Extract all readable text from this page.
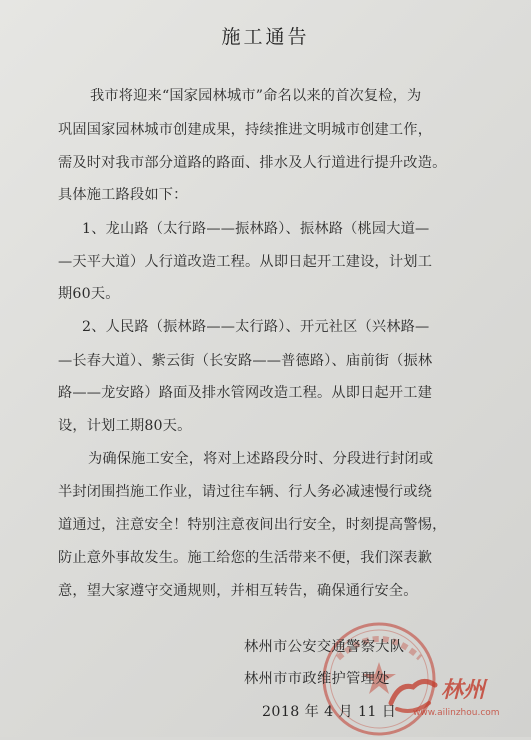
施工通告
我市将迎来“国家园林城市”命名以来的首次复检，为
巩固国家园林城市创建成果，持续推进文明城市创建工作，
需及时对我市部分道路的路面、排水及人行道进行提升改造。
具体施工路段如下：
1、龙山路（太行路——振林路）、振林路（桃园大道—
—天平大道）人行道改造工程。从即日起开工建设，计划工
期60天。
2、人民路（振林路——太行路）、开元社区（兴林路—
—长春大道）、紫云街（长安路——普德路）、庙前街（振林
路——龙安路）路面及排水管网改造工程。从即日起开工建
设，计划工期80天。
为确保施工安全，将对上述路段分时、分段进行封闭或
半封闭围挡施工作业，请过往车辆、行人务必减速慢行或绕
道通过，注意安全！特别注意夜间出行安全，时刻提高警惕，
防止意外事故发生。施工给您的生活带来不便，我们深表歉
意，望大家遵守交通规则，并相互转告，确保通行安全。
林州市公安交通警察大队
林州市市政维护管理处
2018 年 4 月 11 日
林州
www.ailinzhou.com
